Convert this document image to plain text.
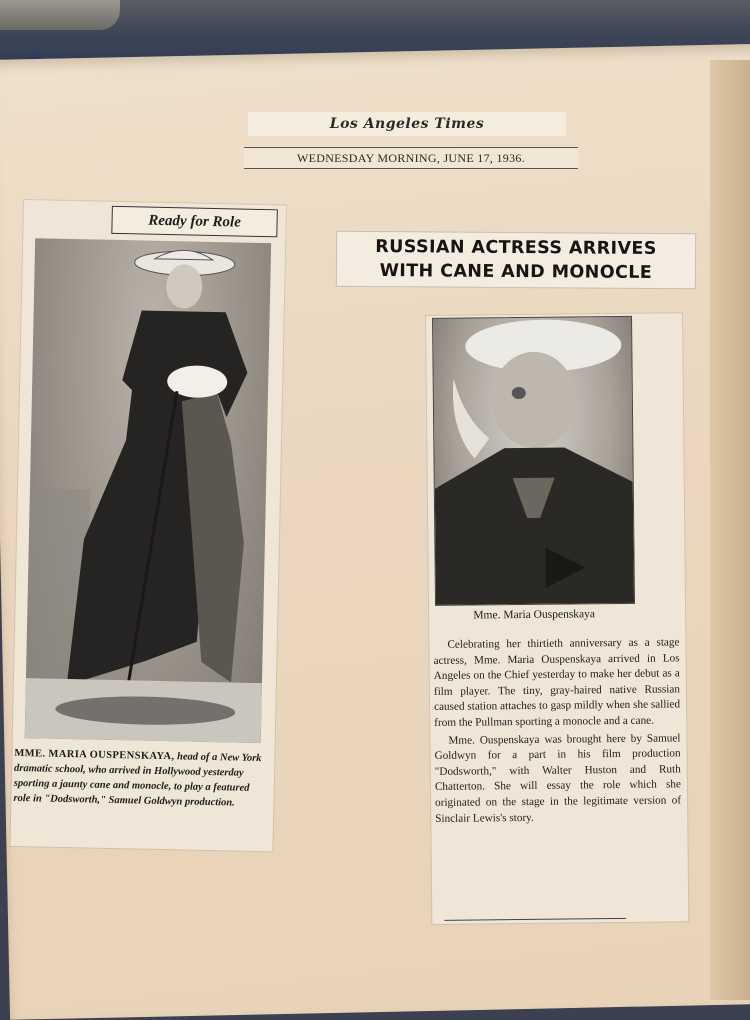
Los Angeles Times
WEDNESDAY MORNING, JUNE 17, 1936.
Ready for Role
MME. MARIA OUSPENSKAYA, head of a New York dramatic school, who arrived in Hollywood yesterday sporting a jaunty cane and monocle, to play a featured role in "Dodsworth," Samuel Goldwyn production.
RUSSIAN ACTRESS ARRIVES
WITH CANE AND MONOCLE
Mme. Maria Ouspenskaya

Celebrating her thirtieth anniversary as a stage actress, Mme. Maria Ouspenskaya arrived in Los Angeles on the Chief yesterday to make her debut as a film player. The tiny, gray-haired native Russian caused station attaches to gasp mildly when she sallied from the Pullman sporting a monocle and a cane.

Mme. Ouspenskaya was brought here by Samuel Goldwyn for a part in his film production "Dodsworth," with Walter Huston and Ruth Chatterton. She will essay the role which she originated on the stage in the legitimate version of Sinclair Lewis's story.
